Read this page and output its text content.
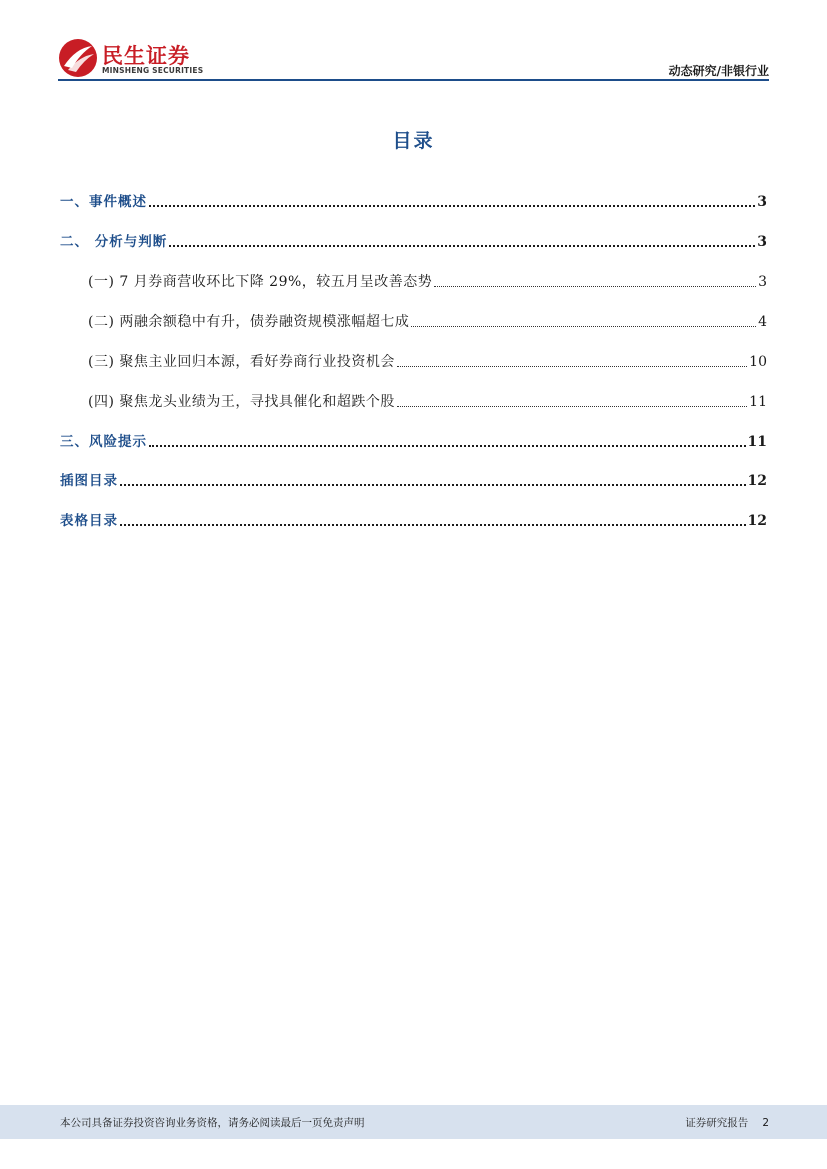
民生证券
MINSHENG SECURITIES	动态研究/非银行业
目录
一、事件概述	3
二、 分析与判断	3
(一) 7 月券商营收环比下降 29%，较五月呈改善态势	3
(二) 两融余额稳中有升，债券融资规模涨幅超七成	4
(三) 聚焦主业回归本源，看好券商行业投资机会	10
(四) 聚焦龙头业绩为王，寻找具催化和超跌个股	11
三、风险提示	11
插图目录	12
表格目录	12
本公司具备证券投资咨询业务资格，请务必阅读最后一页免责声明	证券研究报告 2
